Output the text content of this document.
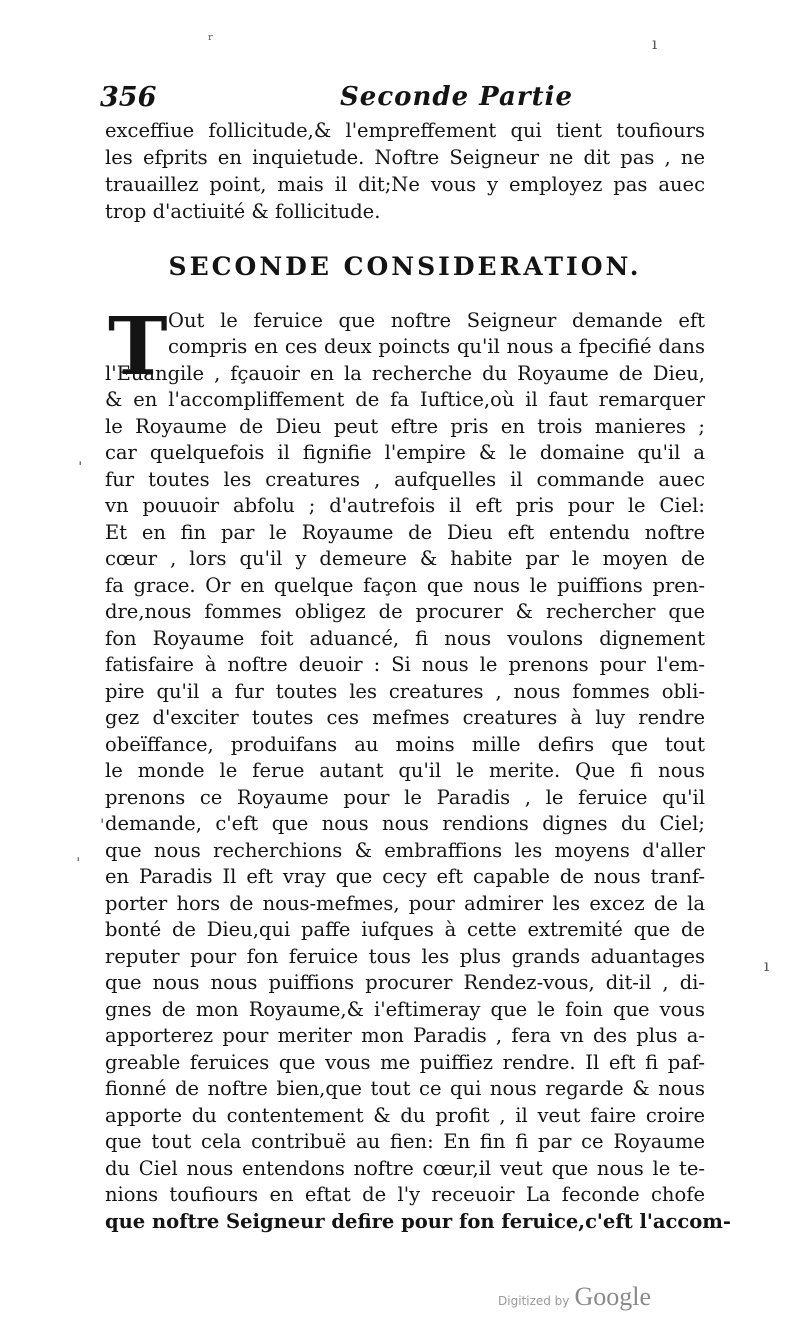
ʳ	ı
356	Seconde Partie
exceffiue follicitude,& l'empreffement qui tient toufiours
les efprits en inquietude. Noftre Seigneur ne dit pas , ne
trauaillez point, mais il dit;Ne vous y employez pas auec
trop d'actiuité & follicitude.
SECONDE CONSIDERATION.
T Out le feruice que noftre Seigneur demande eft
compris en ces deux poincts qu'il nous a fpecifié dans
l'Euangile , fçauoir en la recherche du Royaume de Dieu,
& en l'accompliffement de fa Iuftice,où il faut remarquer
le Royaume de Dieu peut eftre pris en trois manieres ;
car quelquefois il fignifie l'empire & le domaine qu'il a
fur toutes les creatures , aufquelles il commande auec
vn pouuoir abfolu ; d'autrefois il eft pris pour le Ciel:
Et en fin par le Royaume de Dieu eft entendu noftre
cœur , lors qu'il y demeure & habite par le moyen de
fa grace. Or en quelque façon que nous le puiffions pren-
dre,nous fommes obligez de procurer & rechercher que
fon Royaume foit aduancé, fi nous voulons dignement
fatisfaire à noftre deuoir : Si nous le prenons pour l'em-
pire qu'il a fur toutes les creatures , nous fommes obli-
gez d'exciter toutes ces mefmes creatures à luy rendre
obeïffance, produifans au moins mille defirs que tout
le monde le ferue autant qu'il le merite. Que fi nous
prenons ce Royaume pour le Paradis , le feruice qu'il
demande, c'eft que nous nous rendions dignes du Ciel;
que nous recherchions & embraffions les moyens d'aller
en Paradis Il eft vray que cecy eft capable de nous tranf-
porter hors de nous-mefmes, pour admirer les excez de la
bonté de Dieu,qui paffe iufques à cette extremité que de
reputer pour fon feruice tous les plus grands aduantages
que nous nous puiffions procurer Rendez-vous, dit-il , di-
gnes de mon Royaume,& i'eftimeray que le foin que vous
apporterez pour meriter mon Paradis , fera vn des plus a-
greable feruices que vous me puiffiez rendre. Il eft fi paf-
fionné de noftre bien,que tout ce qui nous regarde & nous
apporte du contentement & du profit , il veut faire croire
que tout cela contribuë au fien: En fin fi par ce Royaume
du Ciel nous entendons noftre cœur,il veut que nous le te-
nions toufiours en eftat de l'y receuoir La feconde chofe
que noftre Seigneur defire pour fon feruice,c'eft l'accom-
ˌ
'
ˌ
ı
Digitized by Google
